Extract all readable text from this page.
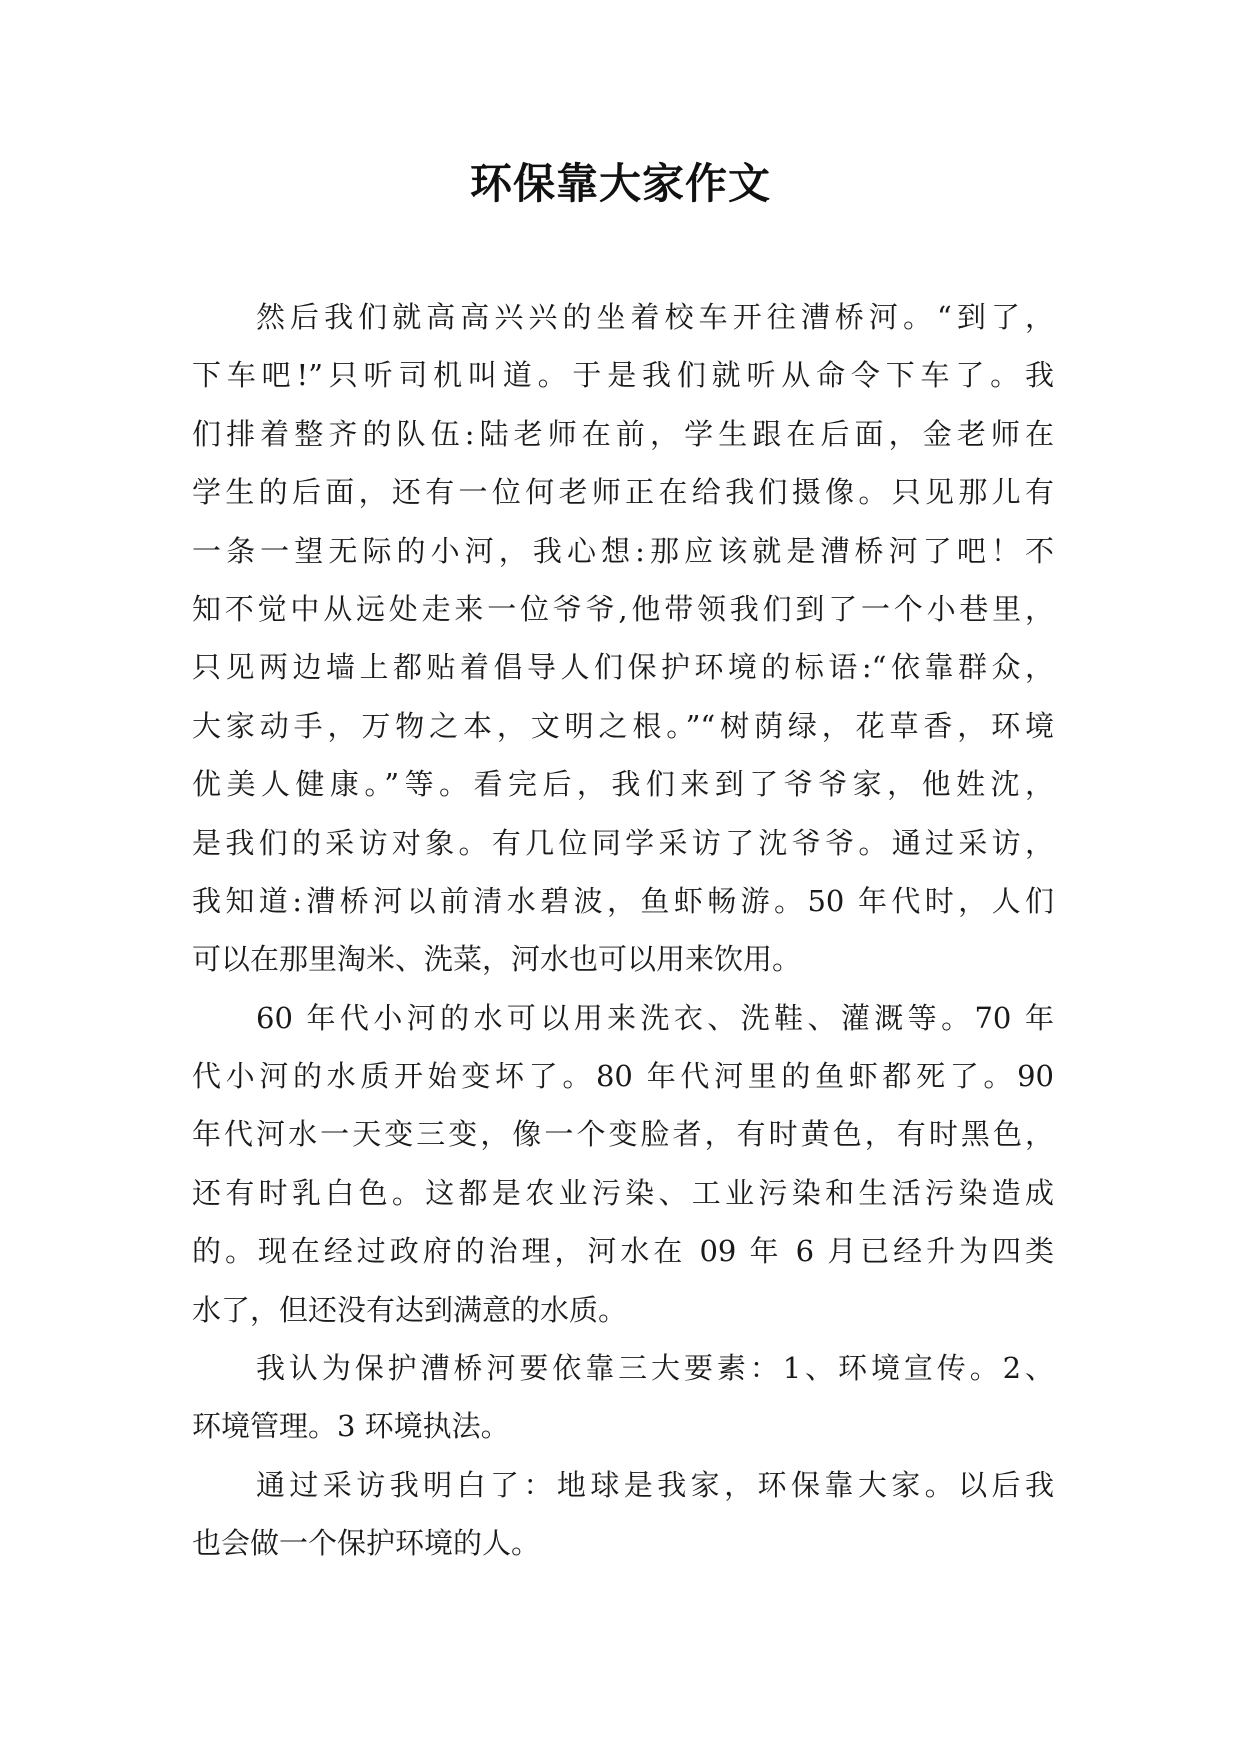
环保靠大家作文
然后我们就高高兴兴的坐着校车开往漕桥河。“到了，
下车吧!”只听司机叫道。于是我们就听从命令下车了。我
们排着整齐的队伍:陆老师在前，学生跟在后面，金老师在
学生的后面，还有一位何老师正在给我们摄像。只见那儿有
一条一望无际的小河，我心想:那应该就是漕桥河了吧！不
知不觉中从远处走来一位爷爷,他带领我们到了一个小巷里，
只见两边墙上都贴着倡导人们保护环境的标语:“依靠群众，
大家动手，万物之本，文明之根。”“树荫绿，花草香，环境
优美人健康。”等。看完后，我们来到了爷爷家，他姓沈，
是我们的采访对象。有几位同学采访了沈爷爷。通过采访，
我知道:漕桥河以前清水碧波，鱼虾畅游。50 年代时，人们
可以在那里淘米、洗菜，河水也可以用来饮用。
60 年代小河的水可以用来洗衣、洗鞋、灌溉等。70 年
代小河的水质开始变坏了。80 年代河里的鱼虾都死了。90
年代河水一天变三变，像一个变脸者，有时黄色，有时黑色，
还有时乳白色。这都是农业污染、工业污染和生活污染造成
的。现在经过政府的治理，河水在 09 年 6 月已经升为四类
水了，但还没有达到满意的水质。
我认为保护漕桥河要依靠三大要素：1、环境宣传。2、
环境管理。3 环境执法。
通过采访我明白了：地球是我家，环保靠大家。以后我
也会做一个保护环境的人。
